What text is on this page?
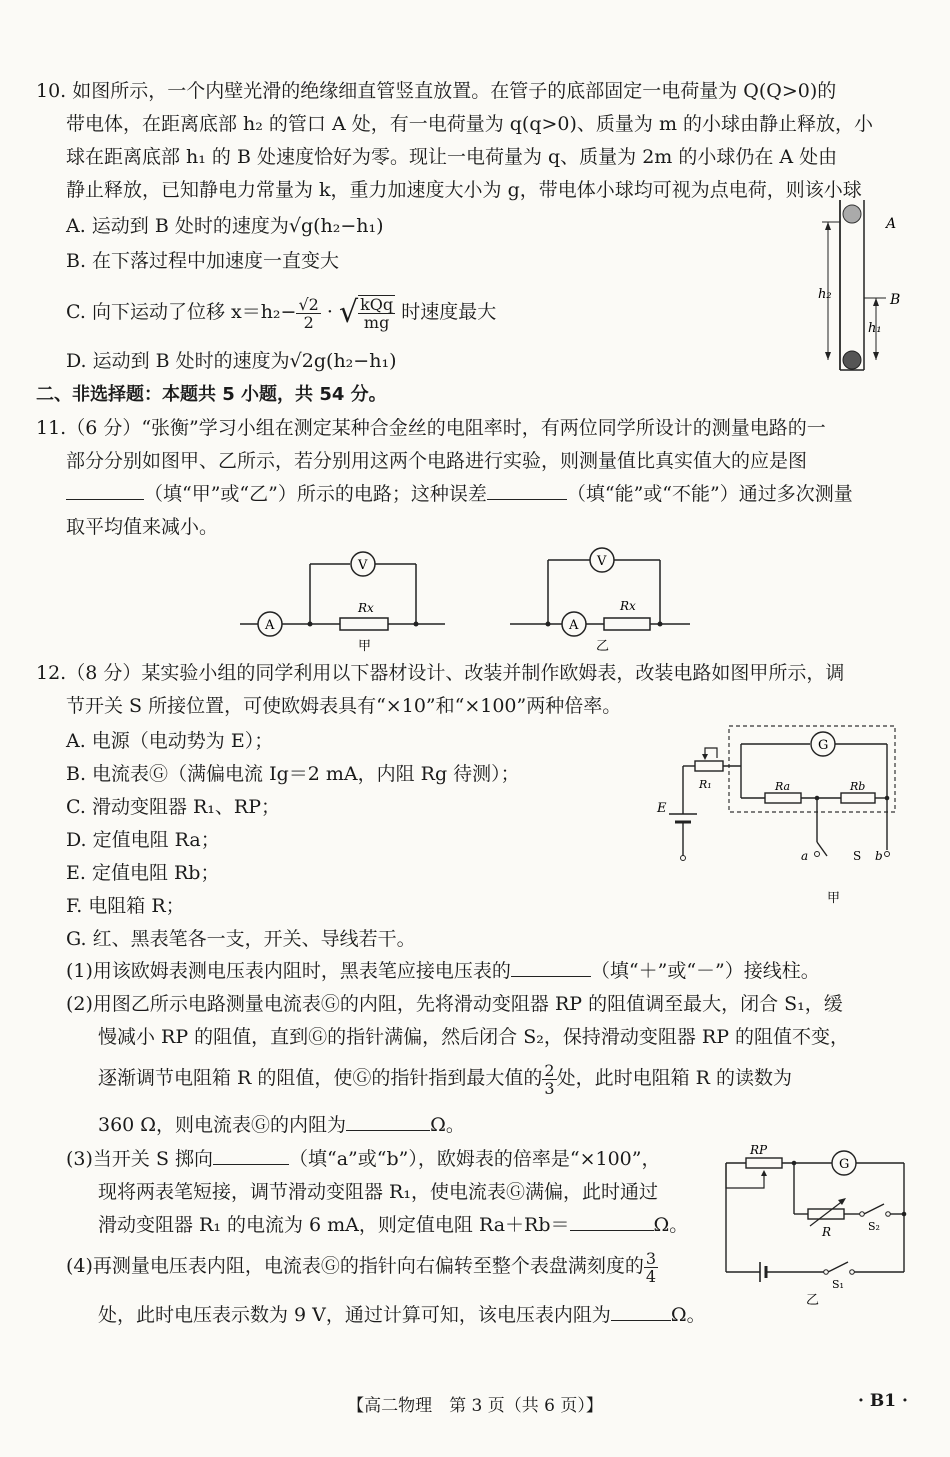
10. 如图所示，一个内壁光滑的绝缘细直管竖直放置。在管子的底部固定一电荷量为 Q(Q>0)的
带电体，在距离底部 h₂ 的管口 A 处，有一电荷量为 q(q>0)、质量为 m 的小球由静止释放，小
球在距离底部 h₁ 的 B 处速度恰好为零。现让一电荷量为 q、质量为 2m 的小球仍在 A 处由
静止释放，已知静电力常量为 k，重力加速度大小为 g，带电体小球均可视为点电荷，则该小球
A. 运动到 B 处时的速度为√g(h₂−h₁)
B. 在下落过程中加速度一直变大
C. 向下运动了位移 $x=h_2- \frac{√2}{2}$ · √ $\frac{\text{kQq}}{mg}$ 时速度最大
D. 运动到 B 处时的速度为√2g(h₂−h₁)
h₂
A
B
h₁
二、非选择题：本题共 5 小题，共 54 分。
11.（6 分）“张衡”学习小组在测定某种合金丝的电阻率时，有两位同学所设计的测量电路的一
部分分别如图甲、乙所示，若分别用这两个电路进行实验，则测量值比真实值大的应是图
（填“甲”或“乙”）所示的电路；这种误差	（填“能”或“不能”）通过多次测量
取平均值来减小。
A
Rx
V
甲
A
Rx
V
乙
12.（8 分）某实验小组的同学利用以下器材设计、改装并制作欧姆表，改装电路如图甲所示，调
节开关 S 所接位置，可使欧姆表具有“×10”和“×100”两种倍率。
A. 电源（电动势为 E）；
B. 电流表Ⓖ（满偏电流 Ig＝2 mA，内阻 Rg 待测）；
C. 滑动变阻器 R₁、RP；
D. 定值电阻 Ra；
E. 定值电阻 Rb；
F. 电阻箱 R；
G. 红、黑表笔各一支，开关、导线若干。
G
Ra	Rb
R₁
E
a	S b
甲
(1)用该欧姆表测电压表内阻时，黑表笔应接电压表的	（填“＋”或“－”）接线柱。
(2)用图乙所示电路测量电流表Ⓖ的内阻，先将滑动变阻器 RP 的阻值调至最大，闭合 S₁，缓
慢减小 RP 的阻值，直到Ⓖ的指针满偏，然后闭合 S₂，保持滑动变阻器 RP 的阻值不变，
逐渐调节电阻箱 R 的阻值，使Ⓖ的指针指到最大值的 $\frac{2}{3}$ 处，此时电阻箱 R 的读数为
360 Ω，则电流表Ⓖ的内阻为	Ω。
(3)当开关 S 掷向	（填“a”或“b”），欧姆表的倍率是“×100”，
现将两表笔短接，调节滑动变阻器 R₁，使电流表Ⓖ满偏，此时通过
滑动变阻器 R₁ 的电流为 6 mA，则定值电阻 Ra＋Rb＝	Ω。
(4)再测量电压表内阻，电流表Ⓖ的指针向右偏转至整个表盘满刻度的 $\frac{3}{4}$
处，此时电压表示数为 9 V，通过计算可知，该电压表内阻为	Ω。
RP
G
R	S₂
S₁
乙
【高二物理　第 3 页（共 6 页）】	· B1 ·
